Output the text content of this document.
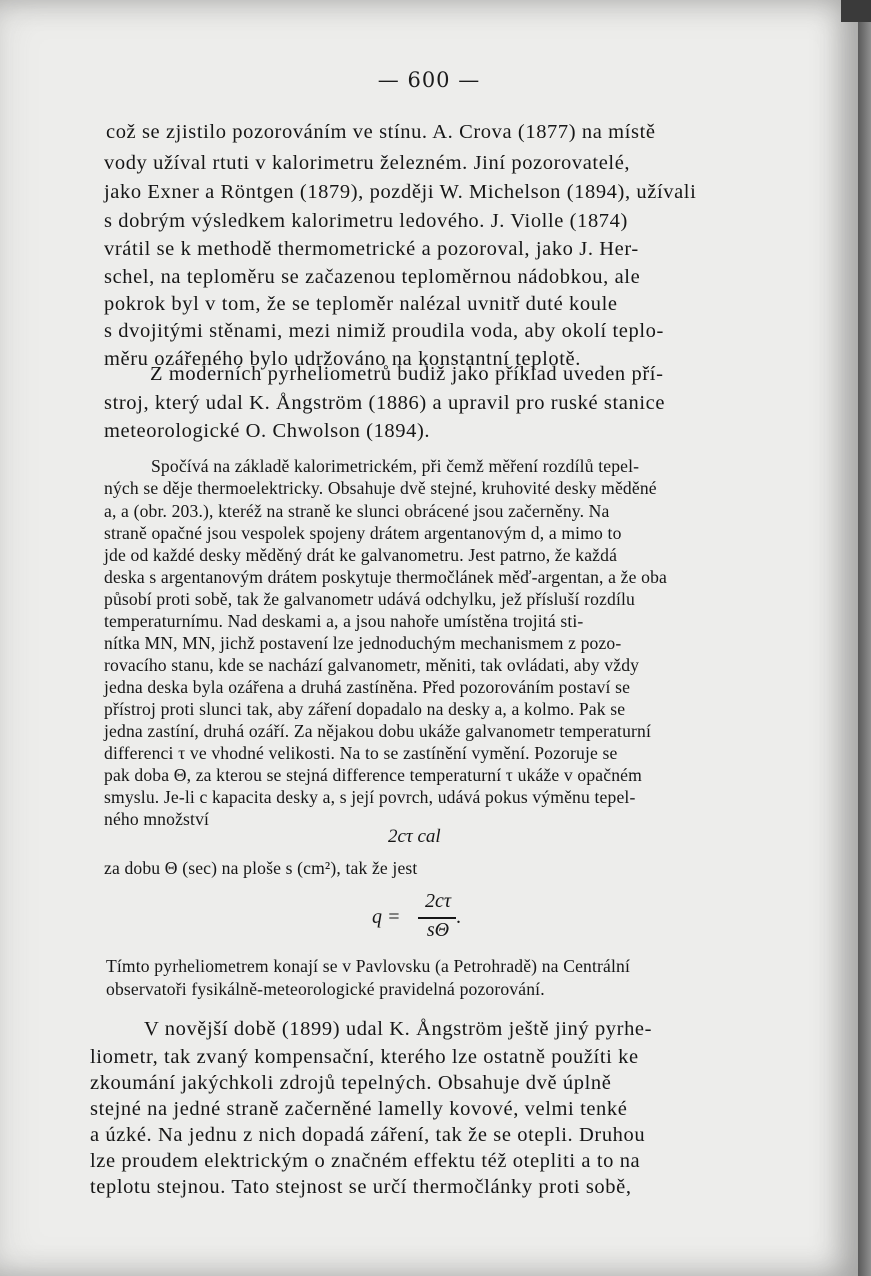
— 600 —
což se zjistilo pozorováním ve stínu. A. Crova (1877) na místě
vody užíval rtuti v kalorimetru železném. Jiní pozorovatelé,
jako Exner a Röntgen (1879), později W. Michelson (1894), užívali
s dobrým výsledkem kalorimetru ledového. J. Violle (1874)
vrátil se k methodě thermometrické a pozoroval, jako J. Her-
schel, na teploměru se začazenou teploměrnou nádobkou, ale
pokrok byl v tom, že se teploměr nalézal uvnitř duté koule
s dvojitými stěnami, mezi nimiž proudila voda, aby okolí teplo-
měru ozářeného bylo udržováno na konstantní teplotě.
Z moderních pyrheliometrů budiž jako příklad uveden pří-
stroj, který udal K. Ångström (1886) a upravil pro ruské stanice
meteorologické O. Chwolson (1894).
Spočívá na základě kalorimetrickém, při čemž měření rozdílů tepel-
ných se děje thermoelektricky. Obsahuje dvě stejné, kruhovité desky měděné
a, a (obr. 203.), kteréž na straně ke slunci obrácené jsou začerněny. Na
straně opačné jsou vespolek spojeny drátem argentanovým d, a mimo to
jde od každé desky měděný drát ke galvanometru. Jest patrno, že každá
deska s argentanovým drátem poskytuje thermočlánek měď-argentan, a že oba
působí proti sobě, tak že galvanometr udává odchylku, jež přísluší rozdílu
temperaturnímu. Nad deskami a, a jsou nahoře umístěna trojitá sti-
nítka MN, MN, jichž postavení lze jednoduchým mechanismem z pozo-
rovacího stanu, kde se nachází galvanometr, měniti, tak ovládati, aby vždy
jedna deska byla ozářena a druhá zastíněna. Před pozorováním postaví se
přístroj proti slunci tak, aby záření dopadalo na desky a, a kolmo. Pak se
jedna zastíní, druhá ozáří. Za nějakou dobu ukáže galvanometr temperaturní
differenci τ ve vhodné velikosti. Na to se zastínění vymění. Pozoruje se
pak doba Θ, za kterou se stejná difference temperaturní τ ukáže v opačném
smyslu. Je-li c kapacita desky a, s její povrch, udává pokus výměnu tepel-
ného množství
2cτ cal
za dobu Θ (sec) na ploše s (cm²), tak že jest
q =
2cτ
sΘ
.
Tímto pyrheliometrem konají se v Pavlovsku (a Petrohradě) na Centrální
observatoři fysikálně-meteorologické pravidelná pozorování.
V novější době (1899) udal K. Ångström ještě jiný pyrhe-
liometr, tak zvaný kompensační, kterého lze ostatně použíti ke
zkoumání jakýchkoli zdrojů tepelných. Obsahuje dvě úplně
stejné na jedné straně začerněné lamelly kovové, velmi tenké
a úzké. Na jednu z nich dopadá záření, tak že se otepli. Druhou
lze proudem elektrickým o značném effektu též otepliti a to na
teplotu stejnou. Tato stejnost se určí thermočlánky proti sobě,
